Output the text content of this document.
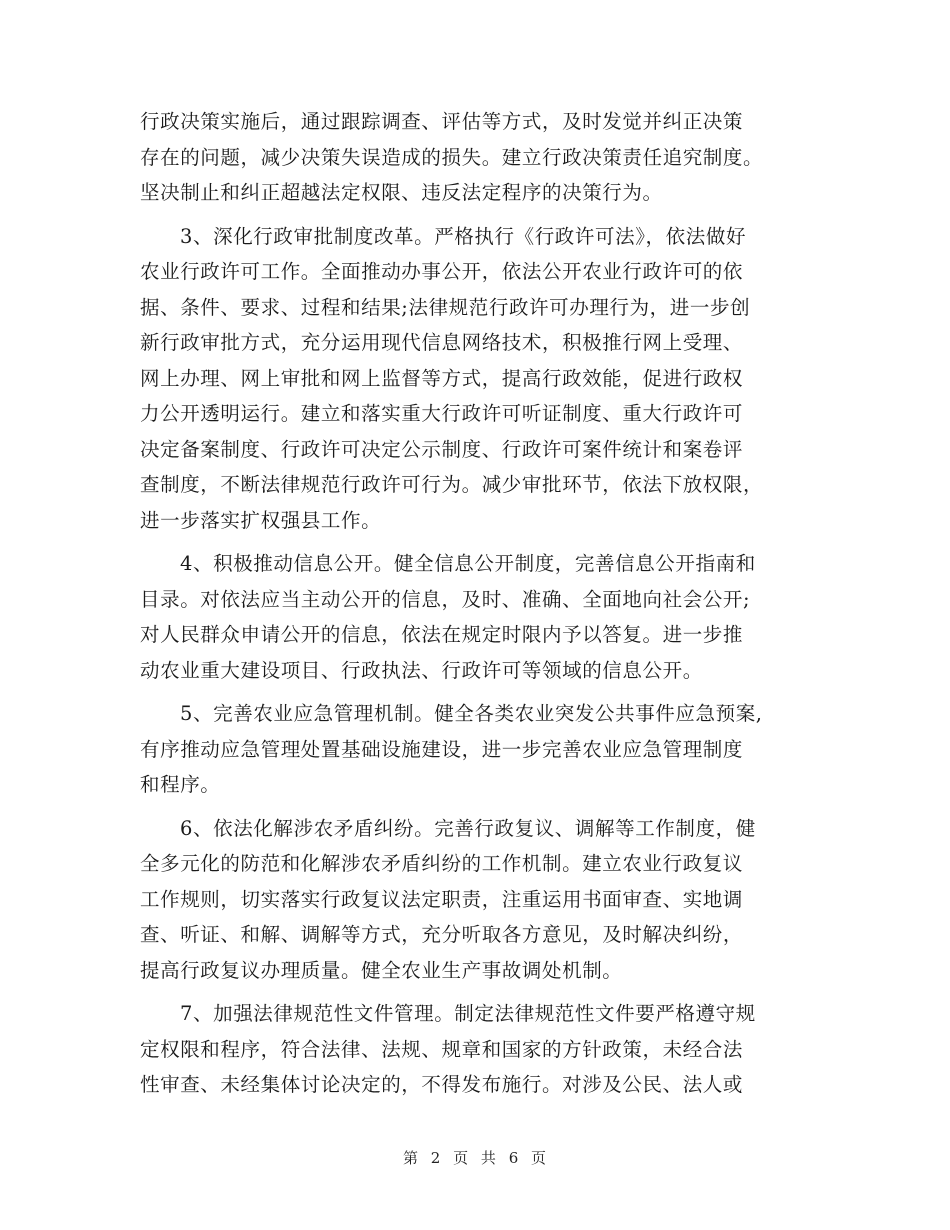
行政决策实施后，通过跟踪调查、评估等方式，及时发觉并纠正决策
存在的问题，减少决策失误造成的损失。建立行政决策责任追究制度。
坚决制止和纠正超越法定权限、违反法定程序的决策行为。

3、深化行政审批制度改革。严格执行《行政许可法》，依法做好
农业行政许可工作。全面推动办事公开，依法公开农业行政许可的依
据、条件、要求、过程和结果;法律规范行政许可办理行为，进一步创
新行政审批方式，充分运用现代信息网络技术，积极推行网上受理、
网上办理、网上审批和网上监督等方式，提高行政效能，促进行政权
力公开透明运行。建立和落实重大行政许可听证制度、重大行政许可
决定备案制度、行政许可决定公示制度、行政许可案件统计和案卷评
查制度，不断法律规范行政许可行为。减少审批环节，依法下放权限，
进一步落实扩权强县工作。

4、积极推动信息公开。健全信息公开制度，完善信息公开指南和
目录。对依法应当主动公开的信息，及时、准确、全面地向社会公开;
对人民群众申请公开的信息，依法在规定时限内予以答复。进一步推
动农业重大建设项目、行政执法、行政许可等领域的信息公开。

5、完善农业应急管理机制。健全各类农业突发公共事件应急预案,
有序推动应急管理处置基础设施建设，进一步完善农业应急管理制度
和程序。

6、依法化解涉农矛盾纠纷。完善行政复议、调解等工作制度，健
全多元化的防范和化解涉农矛盾纠纷的工作机制。建立农业行政复议
工作规则，切实落实行政复议法定职责，注重运用书面审查、实地调
查、听证、和解、调解等方式，充分听取各方意见，及时解决纠纷，
提高行政复议办理质量。健全农业生产事故调处机制。

7、加强法律规范性文件管理。制定法律规范性文件要严格遵守规
定权限和程序，符合法律、法规、规章和国家的方针政策，未经合法
性审查、未经集体讨论决定的，不得发布施行。对涉及公民、法人或

第 2 页 共 6 页
